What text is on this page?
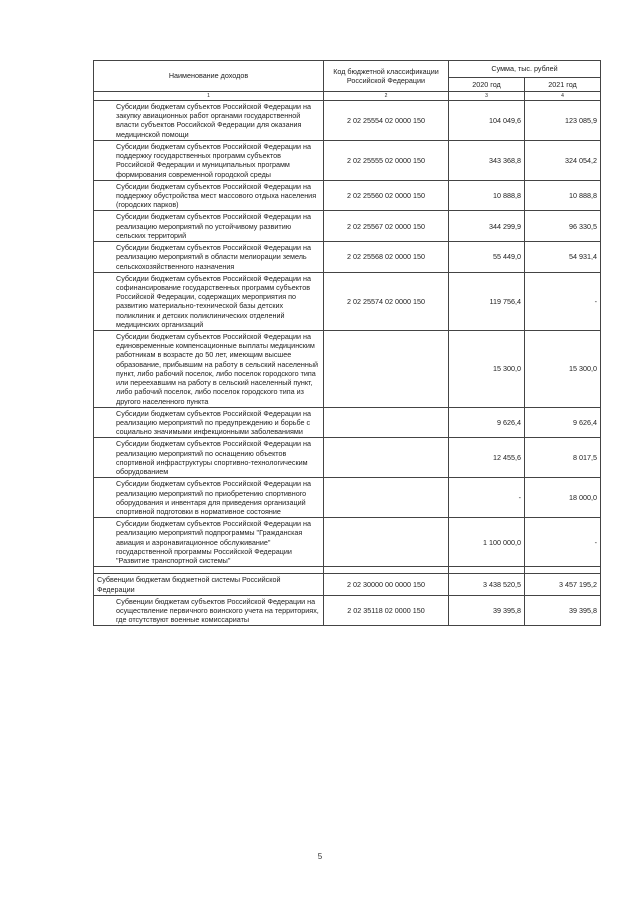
Наименование доходов	Код бюджетной классификации Российской Федерации	Сумма, тыс. рублей	
		2020 год	2021 год
1	2	3	4
Субсидии бюджетам субъектов Российской Федерации на закупку авиационных работ органами государственной власти субъектов Российской Федерации для оказания медицинской помощи	2 02 25554 02 0000 150	104 049,6	123 085,9
Субсидии бюджетам субъектов Российской Федерации на поддержку государственных программ субъектов Российской Федерации и муниципальных программ формирования современной городской среды	2 02 25555 02 0000 150	343 368,8	324 054,2
Субсидии бюджетам субъектов Российской Федерации на поддержку обустройства мест массового отдыха населения (городских парков)	2 02 25560 02 0000 150	10 888,8	10 888,8
Субсидии бюджетам субъектов Российской Федерации на реализацию мероприятий по устойчивому развитию сельских территорий	2 02 25567 02 0000 150	344 299,9	96 330,5
Субсидии бюджетам субъектов Российской Федерации на реализацию мероприятий в области мелиорации земель сельскохозяйственного назначения	2 02 25568 02 0000 150	55 449,0	54 931,4
Субсидии бюджетам субъектов Российской Федерации на софинансирование государственных программ субъектов Российской Федерации, содержащих мероприятия по развитию материально-технической базы детских поликлиник и детских поликлинических отделений медицинских организаций	2 02 25574 02 0000 150	119 756,4	-
Субсидии бюджетам субъектов Российской Федерации на единовременные компенсационные выплаты медицинским работникам в возрасте до 50 лет, имеющим высшее образование, прибывшим на работу в сельский населенный пункт, либо рабочий поселок, либо поселок городского типа или переехавшим на работу в сельский населенный пункт, либо рабочий поселок, либо поселок городского типа из другого населенного пункта		15 300,0	15 300,0
Субсидии бюджетам субъектов Российской Федерации на реализацию мероприятий по предупреждению и борьбе с социально значимыми инфекционными заболеваниями		9 626,4	9 626,4
Субсидии бюджетам субъектов Российской Федерации на реализацию мероприятий по оснащению объектов спортивной инфраструктуры спортивно-технологическим оборудованием		12 455,6	8 017,5
Субсидии бюджетам субъектов Российской Федерации на реализацию мероприятий по приобретению спортивного оборудования и инвентаря для приведения организаций спортивной подготовки в нормативное состояние		-	18 000,0
Субсидии бюджетам субъектов Российской Федерации на реализацию мероприятий подпрограммы "Гражданская авиация и аэронавигационное обслуживание" государственной программы Российской Федерации "Развитие транспортной системы"		1 100 000,0	-

Субвенции бюджетам бюджетной системы Российской Федерации	2 02 30000 00 0000 150	3 438 520,5	3 457 195,2
Субвенции бюджетам субъектов Российской Федерации на осуществление первичного воинского учета на территориях, где отсутствуют военные комиссариаты	2 02 35118 02 0000 150	39 395,8	39 395,8
5
